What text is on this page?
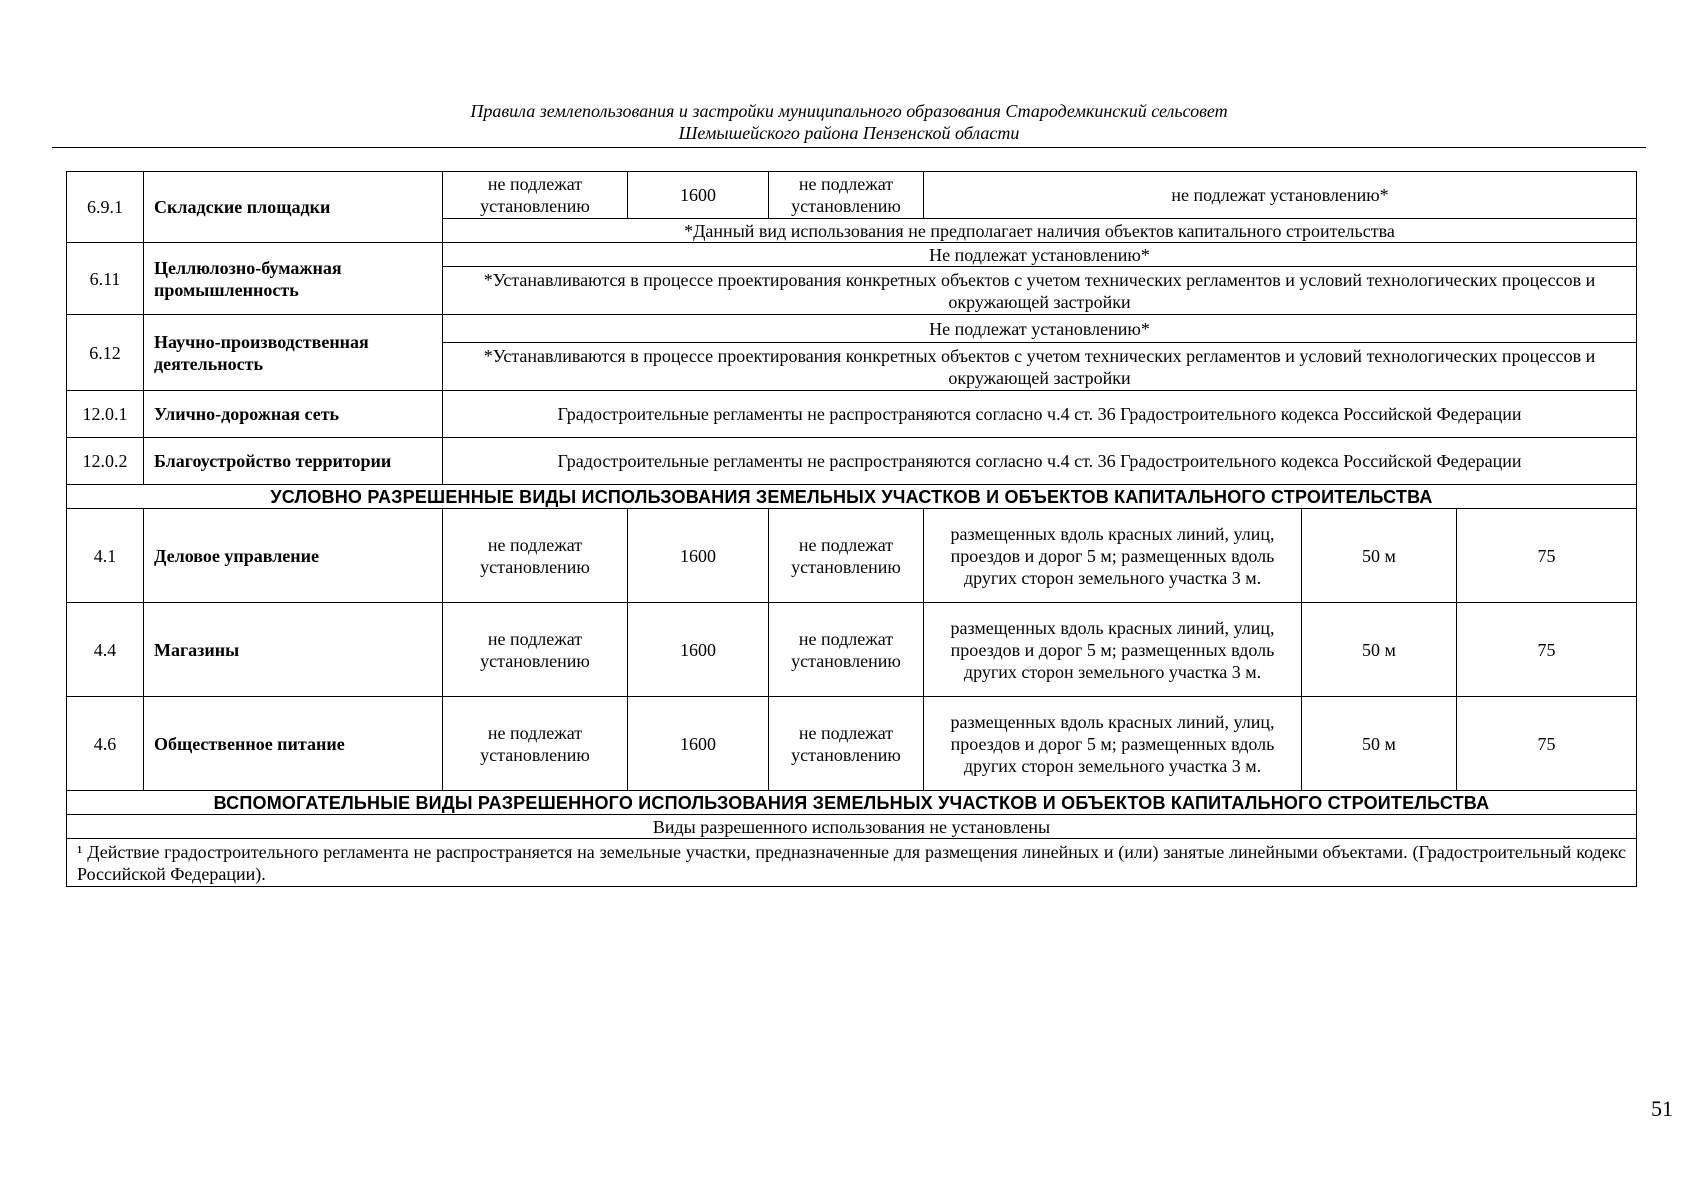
Правила землепользования и застройки муниципального образования Стародемкинский сельсовет
Шемышейского района Пензенской области
6.9.1	Складские площадки	не подлежат установлению	1600	не подлежат установлению	не подлежат установлению*		
		*Данный вид использования не предполагает наличия объектов капитального строительства					
6.11	Целлюлозно-бумажная промышленность	Не подлежат установлению*					
		*Устанавливаются в процессе проектирования конкретных объектов с учетом технических регламентов и условий технологических процессов и окружающей застройки					
6.12	Научно-производственная деятельность	Не подлежат установлению*					
		*Устанавливаются в процессе проектирования конкретных объектов с учетом технических регламентов и условий технологических процессов и окружающей застройки					
12.0.1	Улично-дорожная сеть	Градостроительные регламенты не распространяются согласно ч.4 ст. 36 Градостроительного кодекса Российской Федерации					
12.0.2	Благоустройство территории	Градостроительные регламенты не распространяются согласно ч.4 ст. 36 Градостроительного кодекса Российской Федерации					
УСЛОВНО РАЗРЕШЕННЫЕ ВИДЫ ИСПОЛЬЗОВАНИЯ ЗЕМЕЛЬНЫХ УЧАСТКОВ И ОБЪЕКТОВ КАПИТАЛЬНОГО СТРОИТЕЛЬСТВА							
4.1	Деловое управление	не подлежат установлению	1600	не подлежат установлению	размещенных вдоль красных линий, улиц, проездов и дорог 5 м; размещенных вдоль других сторон земельного участка 3 м.	50 м	75
4.4	Магазины	не подлежат установлению	1600	не подлежат установлению	размещенных вдоль красных линий, улиц, проездов и дорог 5 м; размещенных вдоль других сторон земельного участка 3 м.	50 м	75
4.6	Общественное питание	не подлежат установлению	1600	не подлежат установлению	размещенных вдоль красных линий, улиц, проездов и дорог 5 м; размещенных вдоль других сторон земельного участка 3 м.	50 м	75
ВСПОМОГАТЕЛЬНЫЕ ВИДЫ РАЗРЕШЕННОГО ИСПОЛЬЗОВАНИЯ ЗЕМЕЛЬНЫХ УЧАСТКОВ И ОБЪЕКТОВ КАПИТАЛЬНОГО СТРОИТЕЛЬСТВА							
Виды разрешенного использования не установлены							
¹ Действие градостроительного регламента не распространяется на земельные участки, предназначенные для размещения линейных и (или) занятые линейными объектами. (Градостроительный кодекс Российской Федерации).							
51
